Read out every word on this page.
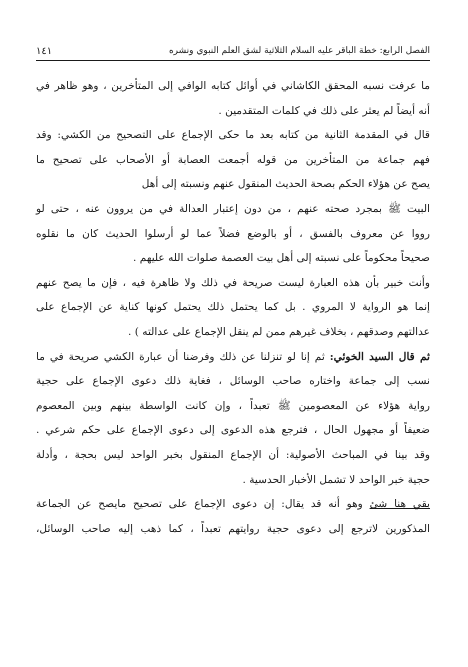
الفصل الرابع: خطة الباقر عليه السلام الثلاثية لشق العلم النبوي ونشره
١٤١

ما عرفت نسبه المحقق الكاشاني في أوائل كتابه الوافي إلى المتأخرين ، وهو ظاهر في

أنه أيضاً لم يعثر على ذلك في كلمات المتقدمين .

قال في المقدمة الثانية من كتابه بعد ما حكى الإجماع على التصحيح من الكشي: وقد

فهم جماعة من المتأخرين من قوله أجمعت العصابة أو الأصحاب على تصحيح ما

يصح عن هؤلاء الحكم بصحة الحديث المنقول عنهم ونسبته إلى أهل

البيت ﷺ بمجرد صحته عنهم ، من دون إعتبار العدالة في من يروون عنه ، حتى لو

رووا عن معروف بالفسق ، أو بالوضع فضلاً عما لو أرسلوا الحديث كان ما نقلوه

صحيحاً محكوماً على نسبته إلى أهل بيت العصمة صلوات الله عليهم .

وأنت خبير بأن هذه العبارة ليست صريحة في ذلك ولا ظاهرة فيه ، فإن ما يصح عنهم

إنما هو الرواية لا المروي . بل كما يحتمل ذلك يحتمل كونها كناية عن الإجماع على

عدالتهم وصدقهم ، بخلاف غيرهم ممن لم ينقل الإجماع على عدالته ) .

ثم قال السيد الخوئي: ثم إنا لو تنزلنا عن ذلك وفرضنا أن عبارة الكشي صريحة في ما

نسب إلى جماعة واختاره صاحب الوسائل ، فغاية ذلك دعوى الإجماع على حجية

رواية هؤلاء عن المعصومين ﷺ تعبداً ، وإن كانت الواسطة بينهم وبين المعصوم

ضعيفاً أو مجهول الحال ، فترجع هذه الدعوى إلى دعوى الإجماع على حكم شرعي .

وقد بينا في المباحث الأصولية: أن الإجماع المنقول بخبر الواحد ليس بحجة ، وأدلة

حجية خبر الواحد لا تشمل الأخبار الحدسية .

بقي هنا شئ وهو أنه قد يقال: إن دعوى الإجماع على تصحيح مايصح عن الجماعة

المذكورين لاترجع إلى دعوى حجية روايتهم تعبداً ، كما ذهب إليه صاحب الوسائل،
